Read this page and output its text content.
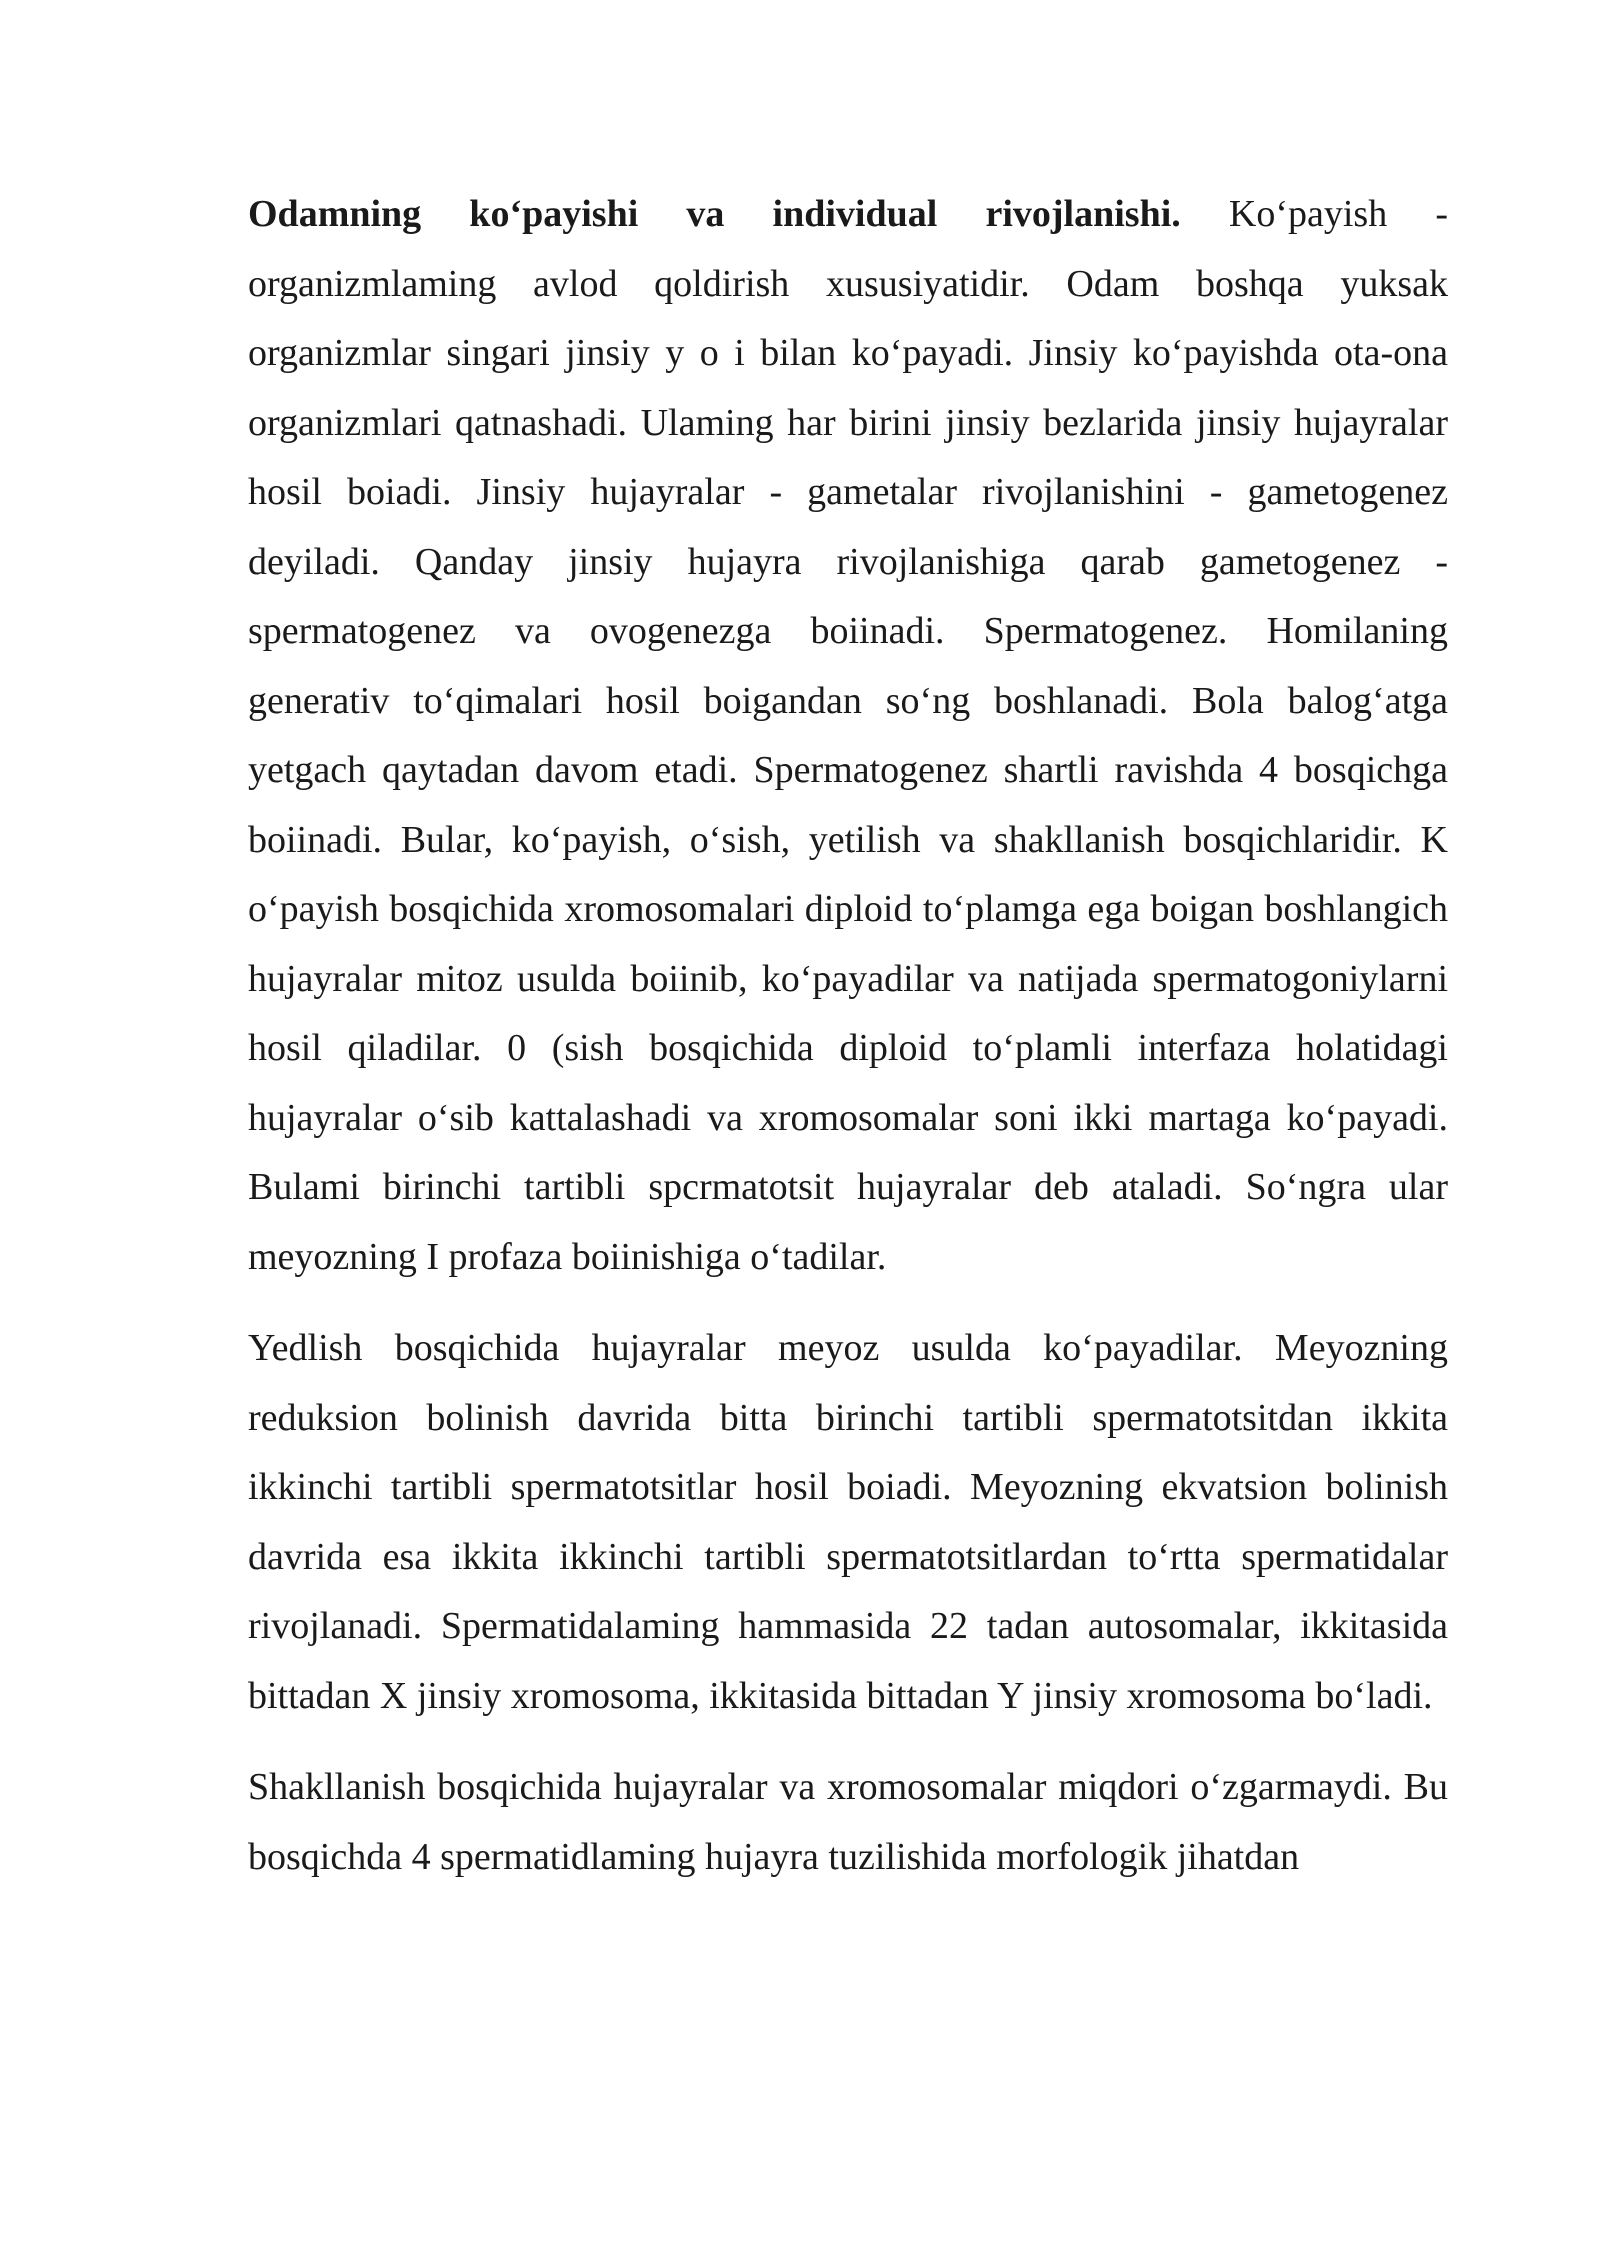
Odamning ko‘payishi va individual rivojlanishi. Ko‘payish - organizmlaming avlod qoldirish xususiyatidir. Odam boshqa yuksak organizmlar singari jinsiy y o i bilan ko‘payadi. Jinsiy ko‘payishda ota-ona organizmlari qatnashadi. Ulaming har birini jinsiy bezlarida jinsiy hujayralar hosil boiadi. Jinsiy hujayralar - gametalar rivojlanishini - gametogenez deyiladi. Qanday jinsiy hujayra rivojlanishiga qarab gametogenez - spermatogenez va ovogenezga boiinadi. Spermatogenez. Homilaning generativ to‘qimalari hosil boigandan so‘ng boshlanadi. Bola balog‘atga yetgach qaytadan davom etadi. Spermatogenez shartli ravishda 4 bosqichga boiinadi. Bular, ko‘payish, o‘sish, yetilish va shakllanish bosqichlaridir. K o‘payish bosqichida xromosomalari diploid to‘plamga ega boigan boshlangich hujayralar mitoz usulda boiinib, ko‘payadilar va natijada spermatogoniylarni hosil qiladilar. 0 (sish bosqichida diploid to‘plamli interfaza holatidagi hujayralar o‘sib kattalashadi va xromosomalar soni ikki martaga ko‘payadi. Bulami birinchi tartibli spcrmatotsit hujayralar deb ataladi. So‘ngra ular meyozning I profaza boiinishiga o‘tadilar.

Yedlish bosqichida hujayralar meyoz usulda ko‘payadilar. Meyozning reduksion bolinish davrida bitta birinchi tartibli spermatotsitdan ikkita ikkinchi tartibli spermatotsitlar hosil boiadi. Meyozning ekvatsion bolinish davrida esa ikkita ikkinchi tartibli spermatotsitlardan to‘rtta spermatidalar rivojlanadi. Spermatidalaming hammasida 22 tadan autosomalar, ikkitasida bittadan X jinsiy xromosoma, ikkitasida bittadan Y jinsiy xromosoma bo‘ladi.

Shakllanish bosqichida hujayralar va xromosomalar miqdori o‘zgarmaydi. Bu bosqichda 4 spermatidlaming hujayra tuzilishida morfologik jihatdan
